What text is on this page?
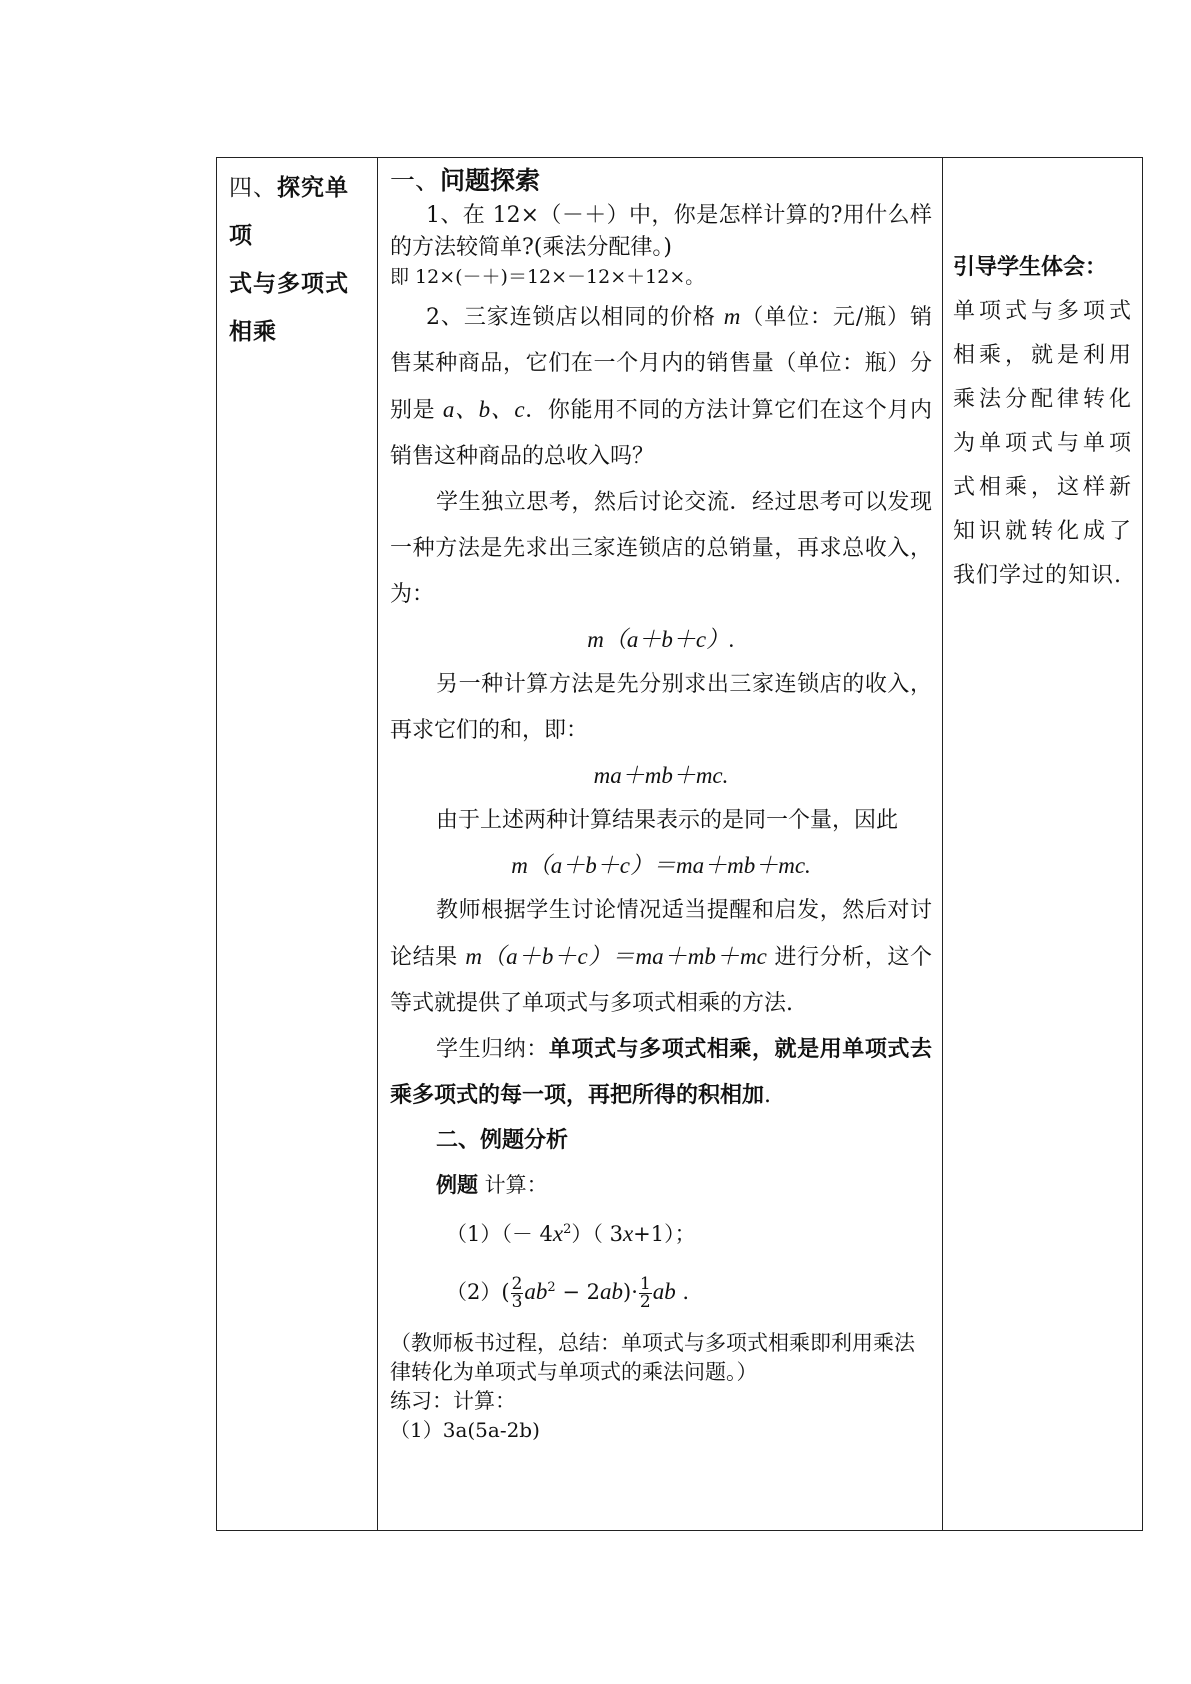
四、探究单项
式与多项式
相乘
一、问题探索

1、在 12×（－＋）中，你是怎样计算的?用什么样的方法较简单?(乘法分配律。)

即 12×(－＋)＝12×－12×＋12×。

2、三家连锁店以相同的价格 m（单位：元/瓶）销售某种商品，它们在一个月内的销售量（单位：瓶）分别是 a、b、c．你能用不同的方法计算它们在这个月内销售这种商品的总收入吗？

学生独立思考，然后讨论交流．经过思考可以发现一种方法是先求出三家连锁店的总销量，再求总收入，为：

m（a＋b＋c）.

另一种计算方法是先分别求出三家连锁店的收入，再求它们的和，即：

ma＋mb＋mc.

由于上述两种计算结果表示的是同一个量，因此

m（a＋b＋c）＝ma＋mb＋mc.

教师根据学生讨论情况适当提醒和启发，然后对讨论结果 m（a＋b＋c）＝ma＋mb＋mc 进行分析，这个等式就提供了单项式与多项式相乘的方法.

学生归纳：单项式与多项式相乘，就是用单项式去乘多项式的每一项，再把所得的积相加.

二、例题分析

例题 计算：

$(1)(- 4x^2)$（ 3x+1）；

$(2)( \frac{2}{3} ab^2 - 2ab)\cdot \frac{1}{2}$ ab .

（教师板书过程，总结：单项式与多项式相乘即利用乘法律转化为单项式与单项式的乘法问题。）

练习：计算：

（1）3a(5a-2b)

引导学生体会：

单项式与多项式相乘，就是利用乘法分配律转化为单项式与单项式相乘，这样新知识就转化成了我们学过的知识.
